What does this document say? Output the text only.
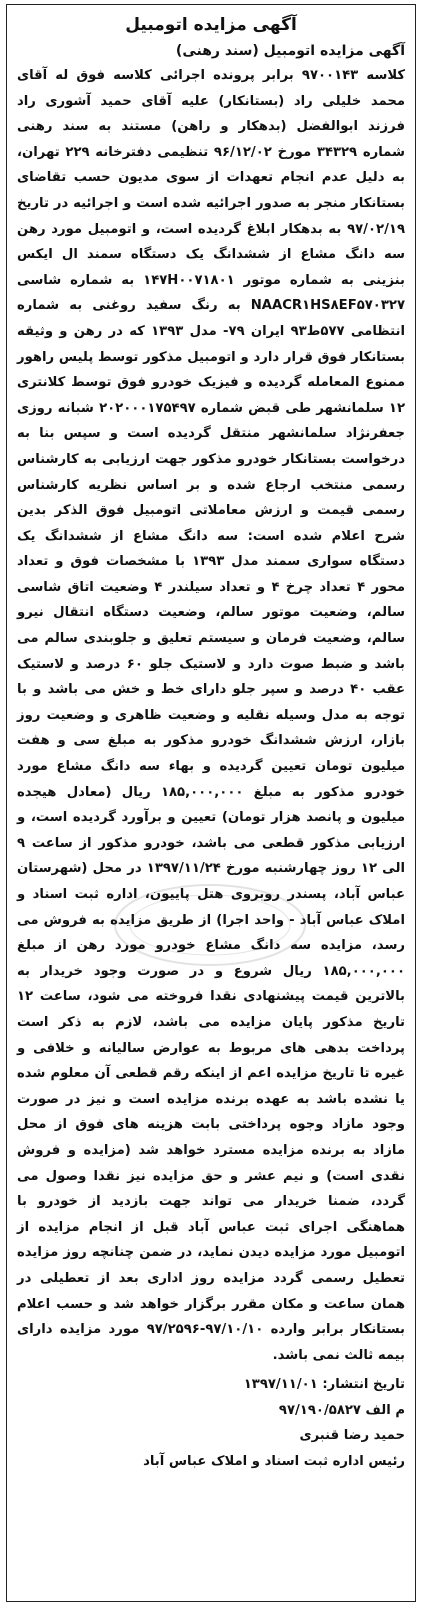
آگهی مزایده اتومبیل
آگهی مزایده اتومبیل (سند رهنی)

کلاسه ۹۷۰۰۱۴۳ برابر پرونده اجرائی کلاسه فوق له آقای محمد خلیلی راد (بستانکار) علیه آقای حمید آشوری راد فرزند ابوالفضل (بدهکار و راهن) مستند به سند رهنی شماره ۳۴۳۲۹ مورخ ۹۶/۱۲/۰۲ تنظیمی دفترخانه ۲۲۹ تهران، به دلیل عدم انجام تعهدات از سوی مدیون حسب تقاضای بستانکار منجر به صدور اجرائیه شده است و اجرائیه در تاریخ ۹۷/۰۲/۱۹ به بدهکار ابلاغ گردیده است، و اتومبیل مورد رهن سه دانگ مشاع از ششدانگ یک دستگاه سمند ال ایکس بنزینی به شماره موتور ۱۴۷H۰۰۷۱۸۰۱ به شماره شاسی NAACR۱HS۸EF۵۷۰۳۲۷ به رنگ سفید روغنی به شماره انتظامی ۵۷۷ط۹۳ ایران ۷۹- مدل ۱۳۹۳ که در رهن و وثیقه بستانکار فوق قرار دارد و اتومبیل مذکور توسط پلیس راهور ممنوع المعامله گردیده و فیزیک خودرو فوق توسط کلانتری ۱۲ سلمانشهر طی قبض شماره ۲۰۲۰۰۰۱۷۵۴۹۷ شبانه روزی جعفرنژاد سلمانشهر منتقل گردیده است و سپس بنا به درخواست بستانکار خودرو مذکور جهت ارزیابی به کارشناس رسمی منتخب ارجاع شده و بر اساس نظریه کارشناس رسمی قیمت و ارزش معاملاتی اتومبیل فوق الذکر بدین شرح اعلام شده است: سه دانگ مشاع از ششدانگ یک دستگاه سواری سمند مدل ۱۳۹۳ با مشخصات فوق و تعداد محور ۴ تعداد چرخ ۴ و تعداد سیلندر ۴ وضعیت اتاق شاسی سالم، وضعیت موتور سالم، وضعیت دستگاه انتقال نیرو سالم، وضعیت فرمان و سیستم تعلیق و جلوبندی سالم می باشد و ضبط صوت دارد و لاستیک جلو ۶۰ درصد و لاستیک عقب ۴۰ درصد و سپر جلو دارای خط و خش می باشد و با توجه به مدل وسیله نقلیه و وضعیت ظاهری و وضعیت روز بازار، ارزش ششدانگ خودرو مذکور به مبلغ سی و هفت میلیون تومان تعیین گردیده و بهاء سه دانگ مشاع مورد خودرو مذکور به مبلغ ۱۸۵,۰۰۰,۰۰۰ ریال (معادل هیجده میلیون و پانصد هزار تومان) تعیین و برآورد گردیده است، و ارزیابی مذکور قطعی می باشد، خودرو مذکور از ساعت ۹ الی ۱۲ روز چهارشنبه مورخ ۱۳۹۷/۱۱/۲۴ در محل (شهرستان عباس آباد، پسندر روبروی هتل پاییون، اداره ثبت اسناد و املاک عباس آباد - واحد اجرا) از طریق مزایده به فروش می رسد، مزایده سه دانگ مشاع خودرو مورد رهن از مبلغ ۱۸۵,۰۰۰,۰۰۰ ریال شروع و در صورت وجود خریدار به بالاترین قیمت پیشنهادی نقدا فروخته می شود، ساعت ۱۲ تاریخ مذکور پایان مزایده می باشد، لازم به ذکر است پرداخت بدهی های مربوط به عوارض سالیانه و خلافی و غیره تا تاریخ مزایده اعم از اینکه رقم قطعی آن معلوم شده یا نشده باشد به عهده برنده مزایده است و نیز در صورت وجود مازاد وجوه پرداختی بابت هزینه های فوق از محل مازاد به برنده مزایده مسترد خواهد شد (مزایده و فروش نقدی است) و نیم عشر و حق مزایده نیز نقدا وصول می گردد، ضمنا خریدار می تواند جهت بازدید از خودرو با هماهنگی اجرای ثبت عباس آباد قبل از انجام مزایده از اتومبیل مورد مزایده دیدن نماید، در ضمن چنانچه روز مزایده تعطیل رسمی گردد مزایده روز اداری بعد از تعطیلی در همان ساعت و مکان مقرر برگزار خواهد شد و حسب اعلام بستانکار برابر وارده ۹۷/۱۰/۱۰-۹۷/۲۵۹۶ مورد مزایده دارای بیمه ثالث نمی باشد.

تاریخ انتشار: ۱۳۹۷/۱۱/۰۱
م الف ۹۷/۱۹۰/۵۸۲۷
حمید رضا قنبری
رئیس اداره ثبت اسناد و املاک عباس آباد
